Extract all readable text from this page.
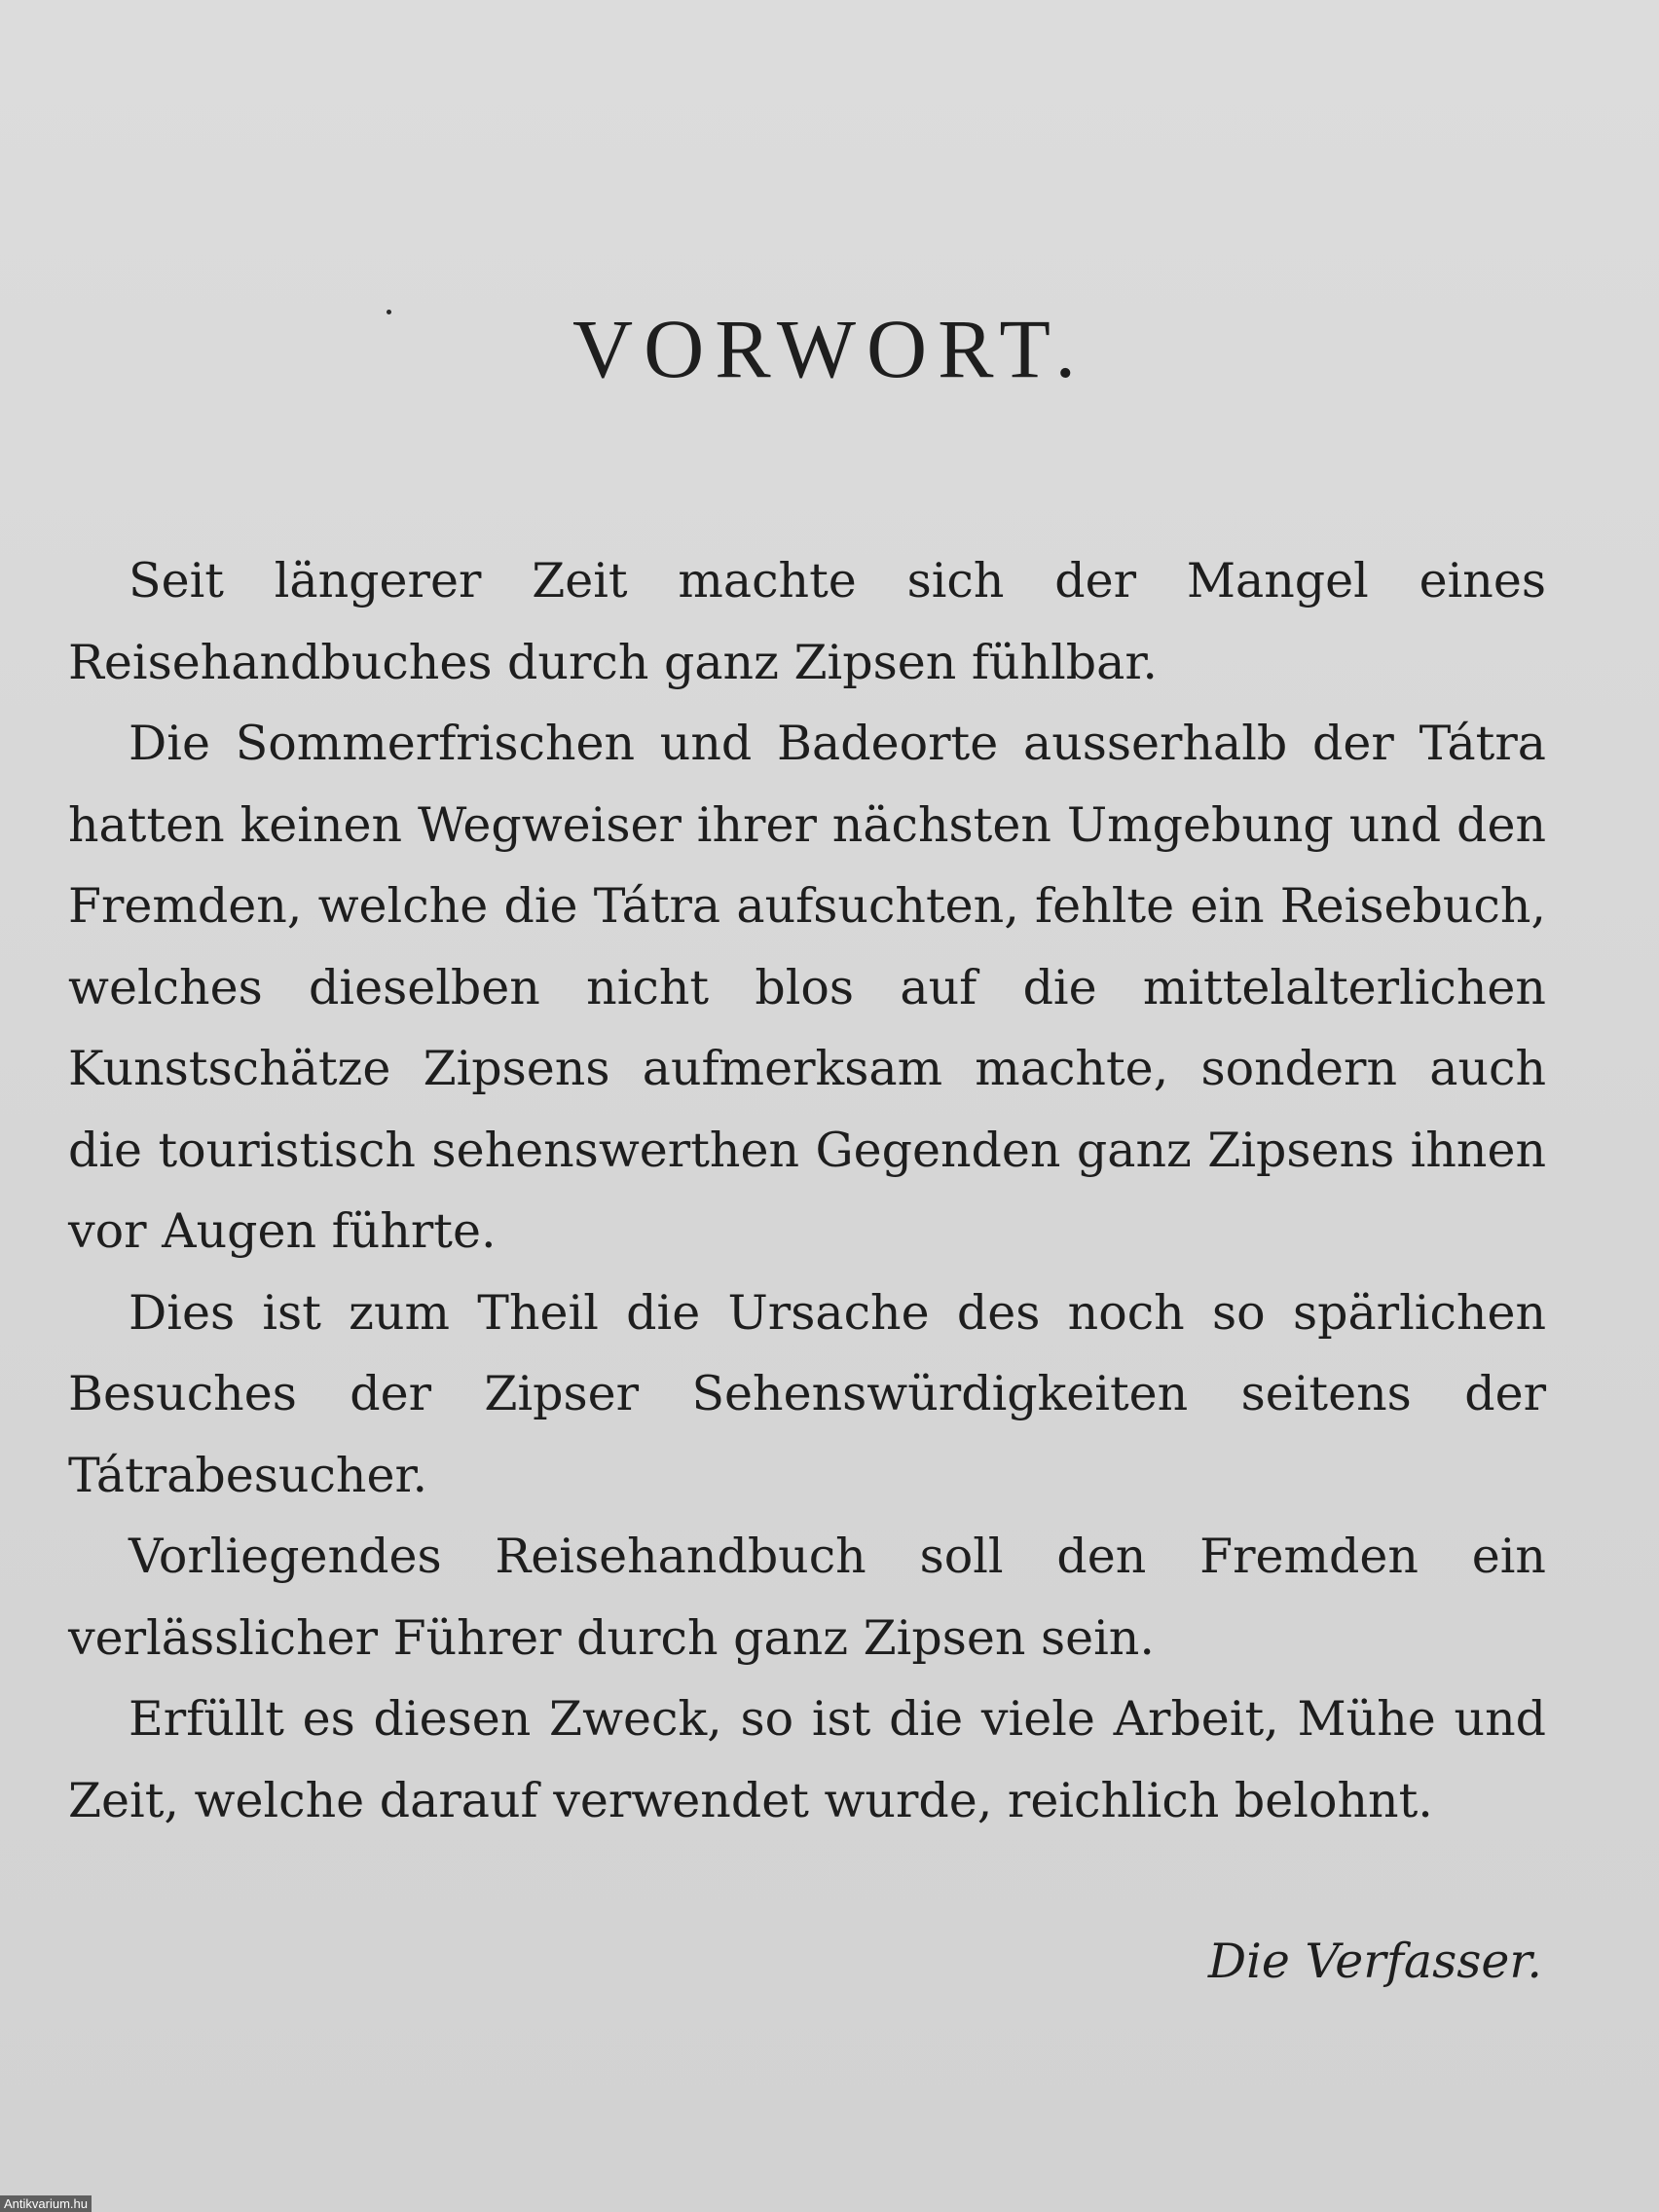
VORWORT.

Seit längerer Zeit machte sich der Mangel eines Reisehandbuches durch ganz Zipsen fühlbar.

Die Sommerfrischen und Badeorte ausserhalb der Tátra hatten keinen Wegweiser ihrer nächsten Umgebung und den Fremden, welche die Tátra aufsuchten, fehlte ein Reisebuch, welches dieselben nicht blos auf die mittelalterlichen Kunstschätze Zipsens aufmerksam machte, sondern auch die touristisch sehenswerthen Gegenden ganz Zipsens ihnen vor Augen führte.

Dies ist zum Theil die Ursache des noch so spärlichen Besuches der Zipser Sehenswürdigkeiten seitens der Tátrabesucher.

Vorliegendes Reisehandbuch soll den Fremden ein verlässlicher Führer durch ganz Zipsen sein.

Erfüllt es diesen Zweck, so ist die viele Arbeit, Mühe und Zeit, welche darauf verwendet wurde, reichlich belohnt.

Die Verfasser.
Antikvarium.hu
